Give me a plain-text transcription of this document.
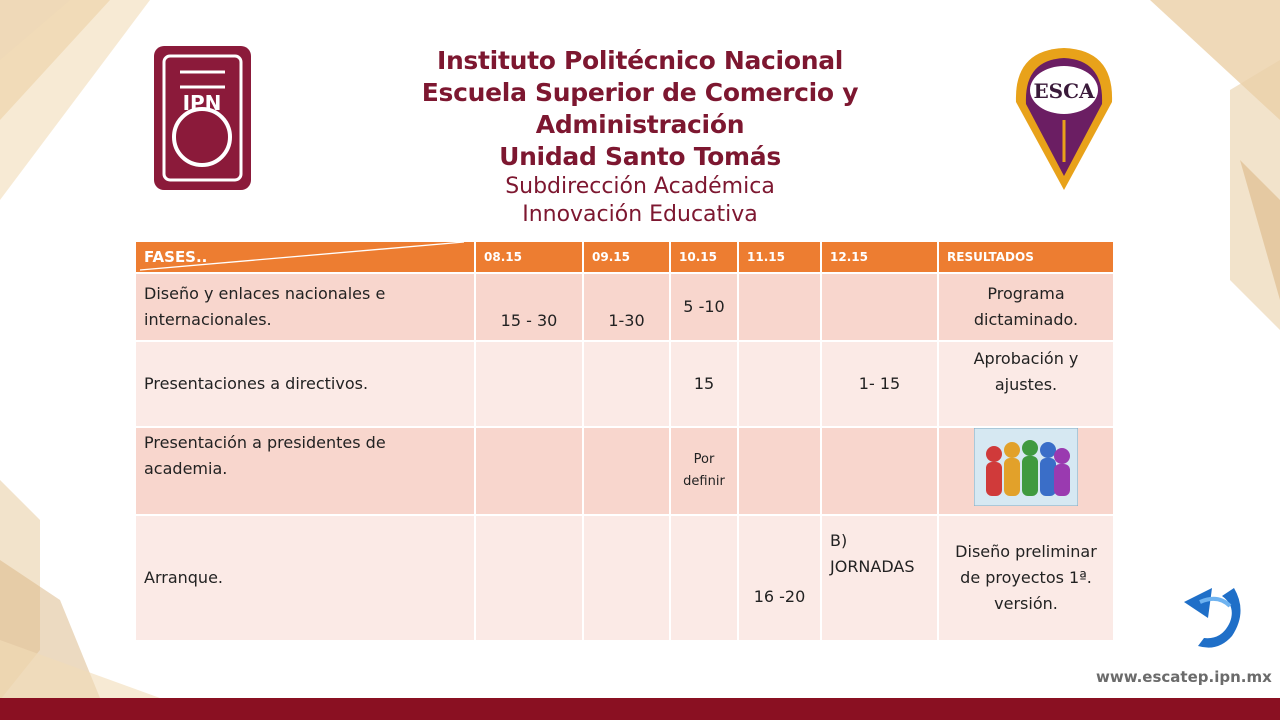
IPN
Instituto Politécnico Nacional
Escuela Superior de Comercio y Administración
Unidad Santo Tomás
Subdirección Académica
Innovación Educativa
ESCA
FASES..	08.15	09.15	10.15	11.15	12.15	RESULTADOS
Diseño y enlaces nacionales e internacionales.	15 - 30	1-30	5 -10			Programa dictaminado.
Presentaciones a directivos.			15		1- 15	Aprobación y ajustes.
Presentación a presidentes de academia.			Por definir			
Arranque.				16 -20	B) JORNADAS	Diseño preliminar de proyectos 1ª. versión.
www.escatep.ipn.mx
